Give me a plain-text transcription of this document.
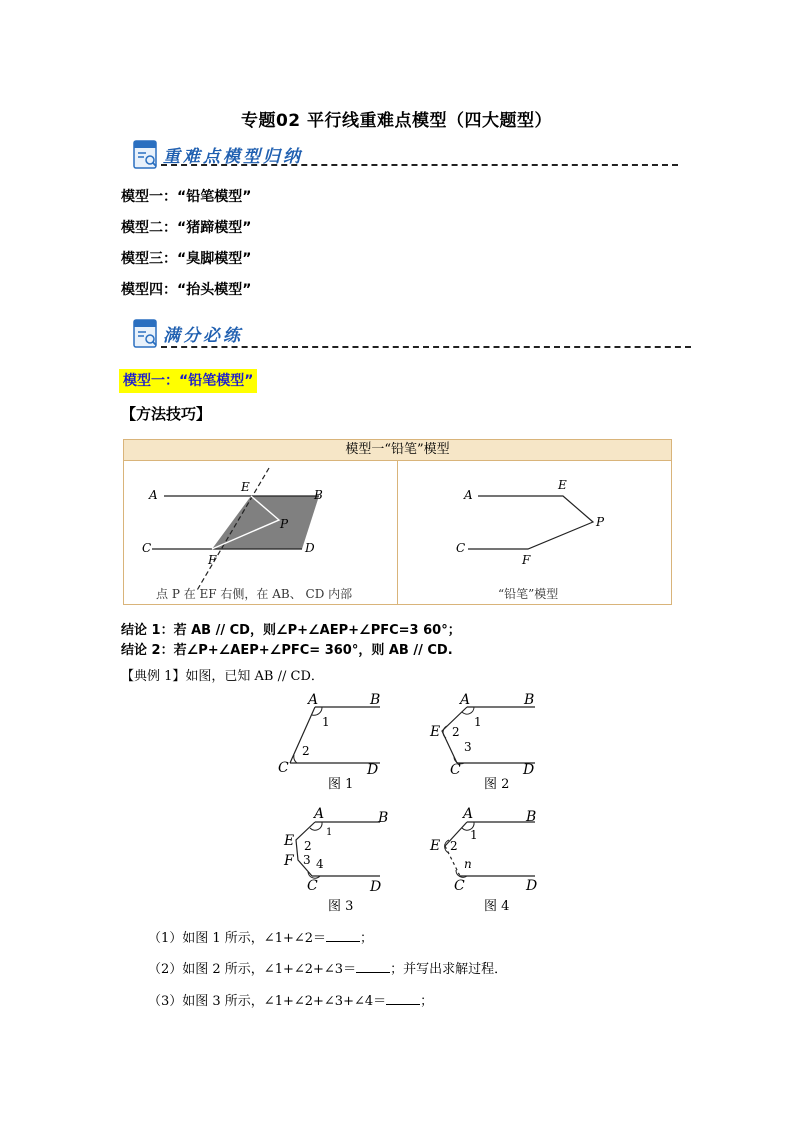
专题02 平行线重难点模型（四大题型）
重难点模型归纳
模型一：“铅笔模型”
模型二：“猪蹄模型”
模型三：“臭脚模型”
模型四：“抬头模型”
满分必练
模型一：“铅笔模型”
【方法技巧】
模型一“铅笔”模型
A	B
E
P
C	D
F
点 P 在 EF 右侧，在 AB、 CD 内部
A
E
P
C
F
“铅笔”模型
结论 1：若 AB // CD，则∠P+∠AEP+∠PFC=3 60°；
结论 2：若∠P+∠AEP+∠PFC= 360°，则 AB // CD.
【典例 1】如图，已知 AB // CD．
A	B
1
2
C	D
图 1
A	B
1
E 2
3
C	D
图 2
A	B
1
E 2
F 3 4
C	D
图 3
A	B
1
E 2
n
C	D
图 4
（1）如图 1 所示，∠1+∠2＝	；
（2）如图 2 所示，∠1+∠2+∠3＝	；并写出求解过程．
（3）如图 3 所示，∠1+∠2+∠3+∠4＝	；
